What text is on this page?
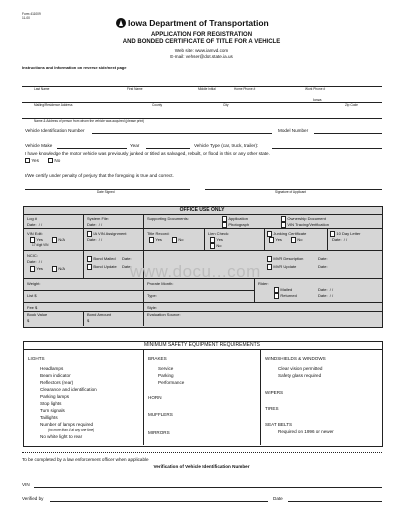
Form 411009
11-00	Iowa Department of Transportation
APPLICATION FOR REGISTRATION
AND BONDED CERTIFICATE OF TITLE FOR A VEHICLE
Web site: www.iamvd.com
E-mail: vehser@dot.state.ia.us
Instructions and Information on reverse side/next page
Last Name	First Name	Middle Initial	Home Phone #	Work Phone #
Iowa
Mailing/Residence Address	County	City	Zip Code
Name & Address of person from whom the vehicle was acquired (please print)
Vehicle Identification Number	Model Number
Vehicle Make	Year	Vehicle Type (car, truck, trailer):
I have knowledge the motor vehicle was previously junked or titled as salvaged, rebuilt, or flood in this or any other state.
Yes	No
I/We certify under penalty of perjury that the foregoing is true and correct.
Date Signed	Signature of Applicant
OFFICE USE ONLY
Log #
Date: / /
System File:
Date: / /
Supporting Documents:	Application
Photograph
Ownership Document
VIN Tracing/Verification
VIN Edit:
Yes	N/A
17 digit VIN
IA VIN Assignment
Date: / /
Title Record:
Yes	No
Lien Check:
Yes
No
Junking Certificate
Yes	No
10 Day Letter
Date: / /
NCIC:
Date: / /
Yes	N/A
Bond Mailed
Bond Update
Date:
Date:
MVR Description
MVR Update
Date:
Date:
Weight:	Prorate Month:	Rider:
Mailed
Returned
Date: / /
Date: / /
List $	Type:
Fee $	Style:
Book Value
$
Bond Amount
$
Evaluation Source:
www.docu...com
MINIMUM SAFETY EQUIPMENT REQUIREMENTS
LIGHTS
Headlamps
Beam indicator
Reflectors (rear)
Clearance and identification
Parking lamps
Stop lights
Turn signals
Taillights
Number of lamps required
(no more than 4 at any one time)
No white light to rear
BRAKES
Service
Parking
Performance
HORN
MUFFLERS
MIRRORS
WINDSHIELDS & WINDOWS
Clear vision permitted
Safety glass required
WIPERS
TIRES
SEAT BELTS
Required on 1996 or newer
To be completed by a law enforcement officer when applicable
Verification of Vehicle Identification Number
VIN
Verified by	Date
